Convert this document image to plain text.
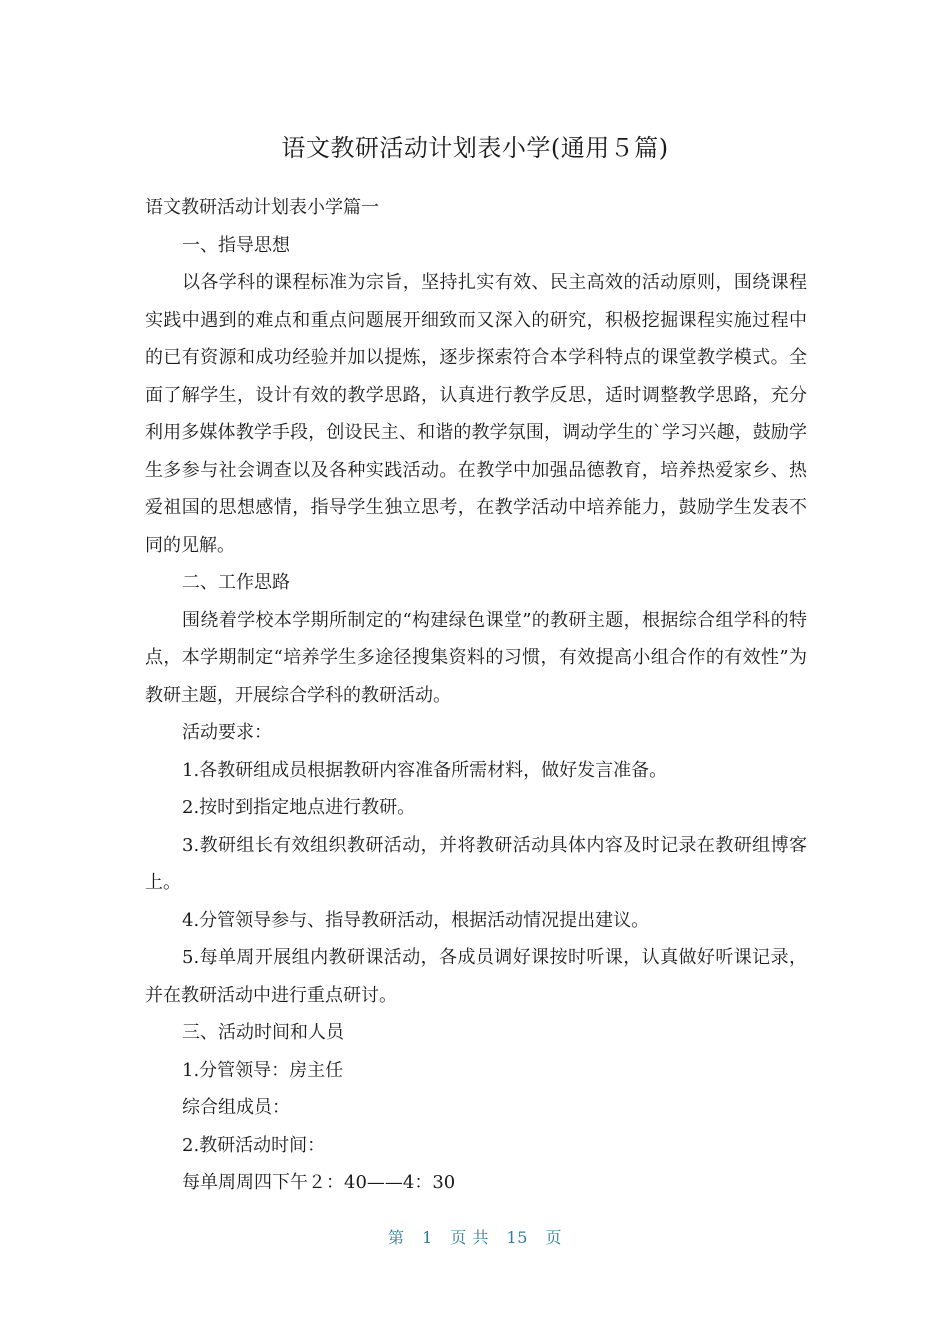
语文教研活动计划表小学(通用５篇)

语文教研活动计划表小学篇一

一、指导思想

以各学科的课程标准为宗旨，坚持扎实有效、民主高效的活动原则，围绕课程实践中遇到的难点和重点问题展开细致而又深入的研究，积极挖掘课程实施过程中的已有资源和成功经验并加以提炼，逐步探索符合本学科特点的课堂教学模式。全面了解学生，设计有效的教学思路，认真进行教学反思，适时调整教学思路，充分利用多媒体教学手段，创设民主、和谐的教学氛围，调动学生的`学习兴趣，鼓励学生多参与社会调查以及各种实践活动。在教学中加强品德教育，培养热爱家乡、热爱祖国的思想感情，指导学生独立思考，在教学活动中培养能力，鼓励学生发表不同的见解。

二、工作思路

围绕着学校本学期所制定的“构建绿色课堂”的教研主题，根据综合组学科的特点，本学期制定“培养学生多途径搜集资料的习惯，有效提高小组合作的有效性”为教研主题，开展综合学科的教研活动。

活动要求：

1.各教研组成员根据教研内容准备所需材料，做好发言准备。

2.按时到指定地点进行教研。

3.教研组长有效组织教研活动，并将教研活动具体内容及时记录在教研组博客上。

4.分管领导参与、指导教研活动，根据活动情况提出建议。

5.每单周开展组内教研课活动，各成员调好课按时听课，认真做好听课记录，并在教研活动中进行重点研讨。

三、活动时间和人员

1.分管领导：房主任

综合组成员：

2.教研活动时间：

每单周周四下午２：40——4：30

第 1 页 共 15 页
